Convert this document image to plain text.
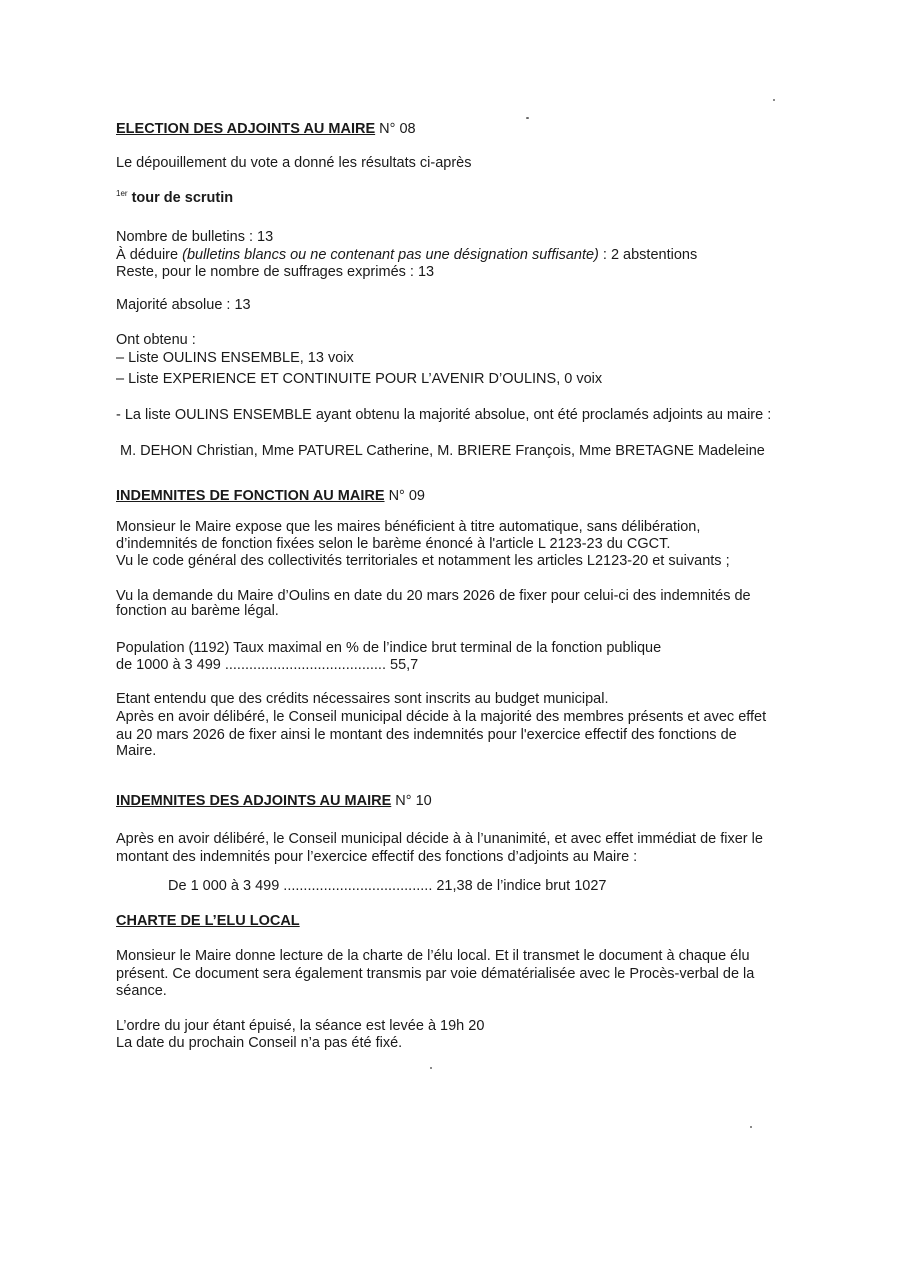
ELECTION DES ADJOINTS AU MAIRE N° 08

Le dépouillement du vote a donné les résultats ci-après

$^{1er}$ tour de scrutin

Nombre de bulletins : 13

À déduire (bulletins blancs ou ne contenant pas une désignation suffisante) : 2 abstentions

Reste, pour le nombre de suffrages exprimés : 13

Majorité absolue : 13

Ont obtenu :

– Liste OULINS ENSEMBLE, 13 voix

– Liste EXPERIENCE ET CONTINUITE POUR L’AVENIR D’OULINS, 0 voix

- La liste OULINS ENSEMBLE ayant obtenu la majorité absolue, ont été proclamés adjoints au maire :

M. DEHON Christian, Mme PATUREL Catherine, M. BRIERE François, Mme BRETAGNE Madeleine

INDEMNITES DE FONCTION AU MAIRE N° 09

Monsieur le Maire expose que les maires bénéficient à titre automatique, sans délibération,

d’indemnités de fonction fixées selon le barème énoncé à l'article L 2123-23 du CGCT.

Vu le code général des collectivités territoriales et notamment les articles L2123-20 et suivants ;

Vu la demande du Maire d’Oulins en date du 20 mars 2026 de fixer pour celui-ci des indemnités de

fonction au barème légal.

Population (1192) Taux maximal en % de l’indice brut terminal de la fonction publique

de 1000 à 3 499 ........................................ 55,7

Etant entendu que des crédits nécessaires sont inscrits au budget municipal.

Après en avoir délibéré, le Conseil municipal décide à la majorité des membres présents et avec effet

au 20 mars 2026 de fixer ainsi le montant des indemnités pour l'exercice effectif des fonctions de

Maire.

INDEMNITES DES ADJOINTS AU MAIRE N° 10

Après en avoir délibéré, le Conseil municipal décide à à l’unanimité, et avec effet immédiat de fixer le

montant des indemnités pour l’exercice effectif des fonctions d’adjoints au Maire :

De 1 000 à 3 499 ..................................... 21,38 de l’indice brut 1027

CHARTE DE L’ELU LOCAL

Monsieur le Maire donne lecture de la charte de l’élu local. Et il transmet le document à chaque élu

présent. Ce document sera également transmis par voie dématérialisée avec le Procès-verbal de la

séance.

L’ordre du jour étant épuisé, la séance est levée à 19h 20

La date du prochain Conseil n’a pas été fixé.
